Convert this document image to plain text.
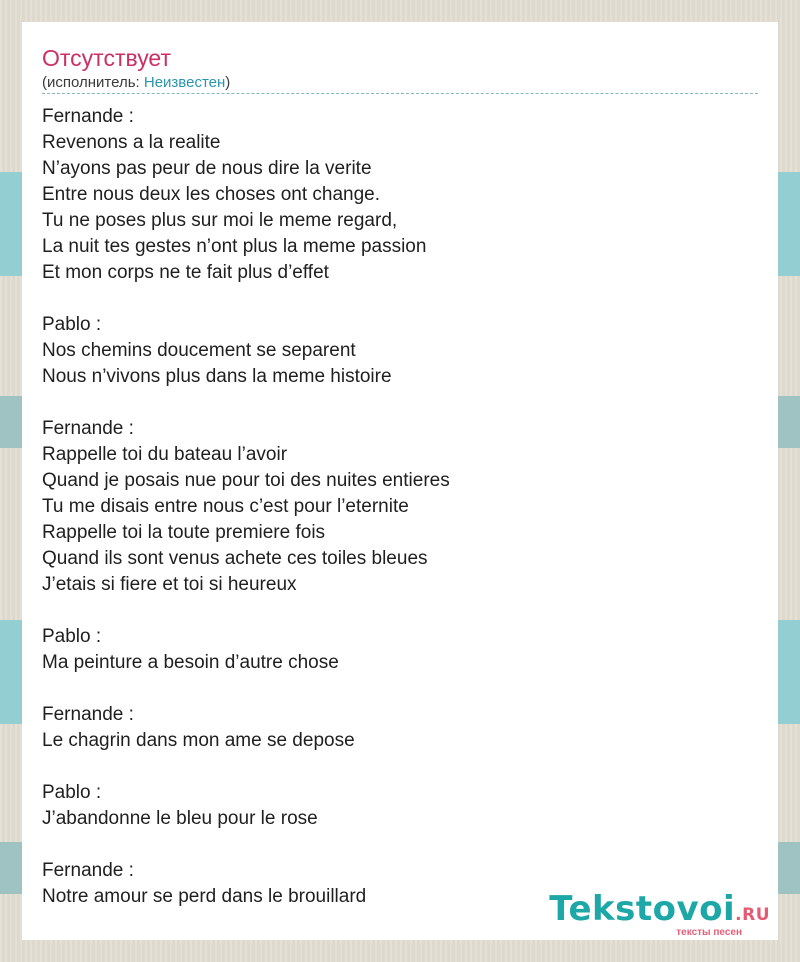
Отсутствует
(исполнитель: Неизвестен)
Fernande :
Revenons a la realite
N’ayons pas peur de nous dire la verite
Entre nous deux les choses ont change.
Tu ne poses plus sur moi le meme regard,
La nuit tes gestes n’ont plus la meme passion
Et mon corps ne te fait plus d’effet
Pablo :
Nos chemins doucement se separent
Nous n’vivons plus dans la meme histoire
Fernande :
Rappelle toi du bateau l’avoir
Quand je posais nue pour toi des nuites entieres
Tu me disais entre nous c’est pour l’eternite
Rappelle toi la toute premiere fois
Quand ils sont venus achete ces toiles bleues
J’etais si fiere et toi si heureux
Pablo :
Ma peinture a besoin d’autre chose
Fernande :
Le chagrin dans mon ame se depose
Pablo :
J’abandonne le bleu pour le rose
Fernande :
Notre amour se perd dans le brouillard	Tekstovoi.RU
тексты песен
